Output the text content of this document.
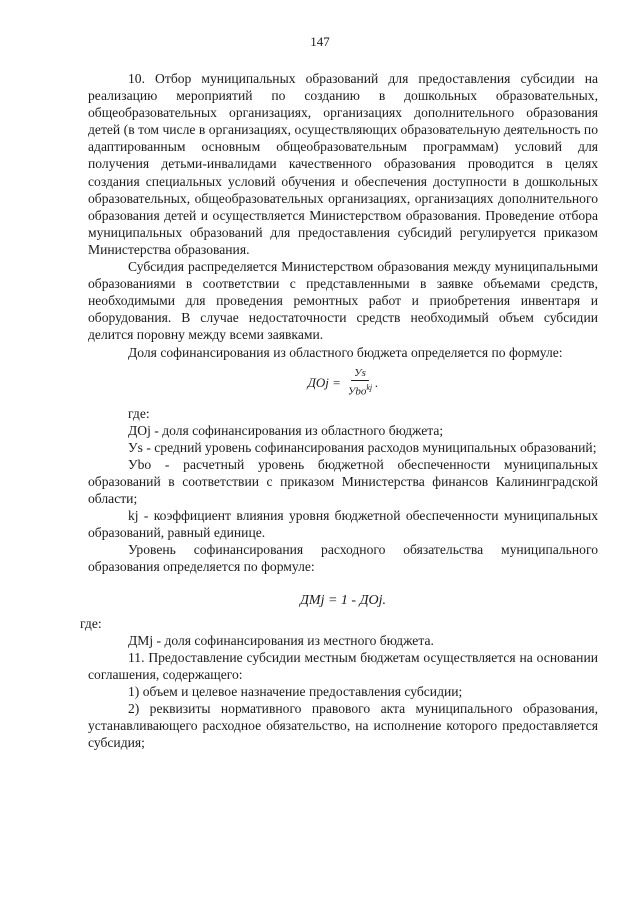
147

10. Отбор муниципальных образований для предоставления субсидии на реализацию мероприятий по созданию в дошкольных образовательных, общеобразовательных организациях, организациях дополнительного образования детей (в том числе в организациях, осуществляющих образовательную деятельность по адаптированным основным общеобразовательным программам) условий для получения детьми-инвалидами качественного образования проводится в целях создания специальных условий обучения и обеспечения доступности в дошкольных образовательных, общеобразовательных организациях, организациях дополнительного образования детей и осуществляется Министерством образования. Проведение отбора муниципальных образований для предоставления субсидий регулируется приказом Министерства образования.

Субсидия распределяется Министерством образования между муниципальными образованиями в соответствии с представленными в заявке объемами средств, необходимыми для проведения ремонтных работ и приобретения инвентаря и оборудования. В случае недостаточности средств необходимый объем субсидии делится поровну между всеми заявками.

Доля софинансирования из областного бюджета определяется по формуле:

ДOj = $\frac{Уs}{Уbo^{kj}}$ .

где:

ДОj - доля софинансирования из областного бюджета;

Уs - средний уровень софинансирования расходов муниципальных образований;

Уbo - расчетный уровень бюджетной обеспеченности муниципальных образований в соответствии с приказом Министерства финансов Калининградской области;

kj - коэффициент влияния уровня бюджетной обеспеченности муниципальных образований, равный единице.

Уровень софинансирования расходного обязательства муниципального образования определяется по формуле:

ДМj = 1 - ДОj.

где:

ДМj - доля софинансирования из местного бюджета.

11. Предоставление субсидии местным бюджетам осуществляется на основании соглашения, содержащего:

1) объем и целевое назначение предоставления субсидии;

2) реквизиты нормативного правового акта муниципального образования, устанавливающего расходное обязательство, на исполнение которого предоставляется субсидия;
